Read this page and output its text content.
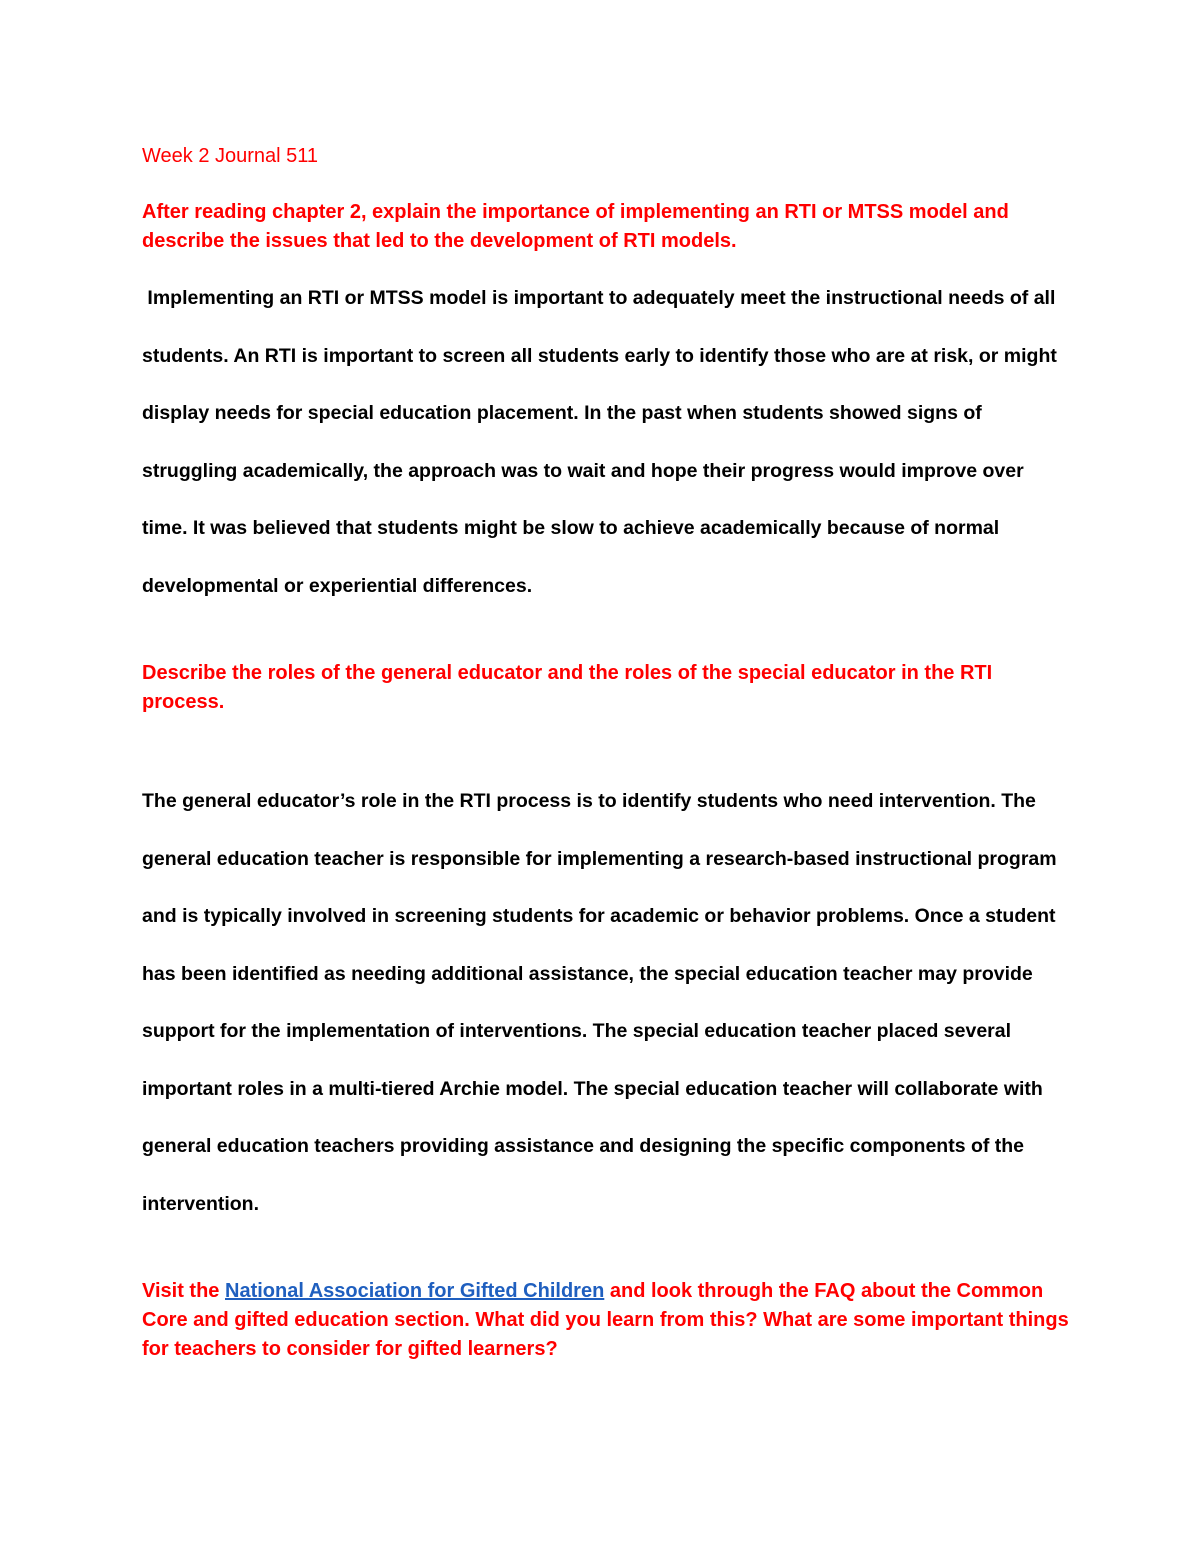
Week 2 Journal 511

After reading chapter 2, explain the importance of implementing an RTI or MTSS model and describe the issues that led to the development of RTI models.

Implementing an RTI or MTSS model is important to adequately meet the instructional needs of all students. An RTI is important to screen all students early to identify those who are at risk, or might display needs for special education placement. In the past when students showed signs of struggling academically, the approach was to wait and hope their progress would improve over time. It was believed that students might be slow to achieve academically because of normal developmental or experiential differences.

Describe the roles of the general educator and the roles of the special educator in the RTI process.

The general educator’s role in the RTI process is to identify students who need intervention. The general education teacher is responsible for implementing a research-based instructional program and is typically involved in screening students for academic or behavior problems. Once a student has been identified as needing additional assistance, the special education teacher may provide support for the implementation of interventions. The special education teacher placed several important roles in a multi-tiered Archie model. The special education teacher will collaborate with general education teachers providing assistance and designing the specific components of the intervention.

Visit the National Association for Gifted Children and look through the FAQ about the Common Core and gifted education section. What did you learn from this? What are some important things for teachers to consider for gifted learners?
